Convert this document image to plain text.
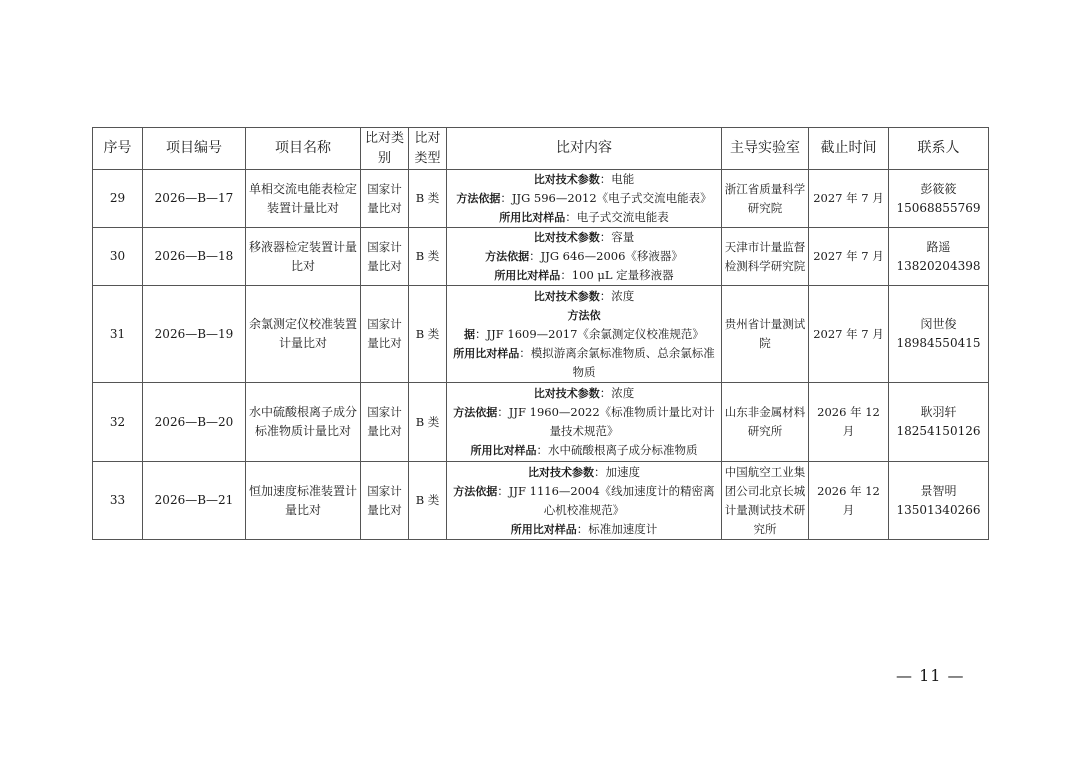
序号	项目编号	项目名称	比对类别	比对类型	比对内容	主导实验室	截止时间	联系人
29	2026—B—17	单相交流电能表检定装置计量比对	国家计量比对	B 类	比对技术参数：电能
方法依据：JJG 596—2012《电子式交流电能表》
所用比对样品：电子式交流电能表	浙江省质量科学研究院	2027 年 7 月	彭筱筱
15068855769

30	2026—B—18	移液器检定装置计量比对	国家计量比对	B 类	比对技术参数：容量
方法依据：JJG 646—2006《移液器》
所用比对样品：100 μL 定量移液器	天津市计量监督检测科学研究院	2027 年 7 月	路遥
13820204398

31	2026—B—19	余氯测定仪校准装置计量比对	国家计量比对	B 类	比对技术参数：浓度
方法依据：JJF 1609—2017《余氯测定仪校准规范》
所用比对样品：模拟游离余氯标准物质、总余氯标准物质	贵州省计量测试院	2027 年 7 月	闵世俊
18984550415

32	2026—B—20	水中硫酸根离子成分标准物质计量比对	国家计量比对	B 类	比对技术参数：浓度
方法依据：JJF 1960—2022《标准物质计量比对计量技术规范》
所用比对样品：水中硫酸根离子成分标准物质	山东非金属材料研究所	2026 年 12 月	耿羽轩
18254150126

33	2026—B—21	恒加速度标准装置计量比对	国家计量比对	B 类	比对技术参数：加速度
方法依据：JJF 1116—2004《线加速度计的精密离心机校准规范》
所用比对样品：标准加速度计	中国航空工业集团公司北京长城计量测试技术研究所	2026 年 12 月	景智明
13501340266
— 11 —
